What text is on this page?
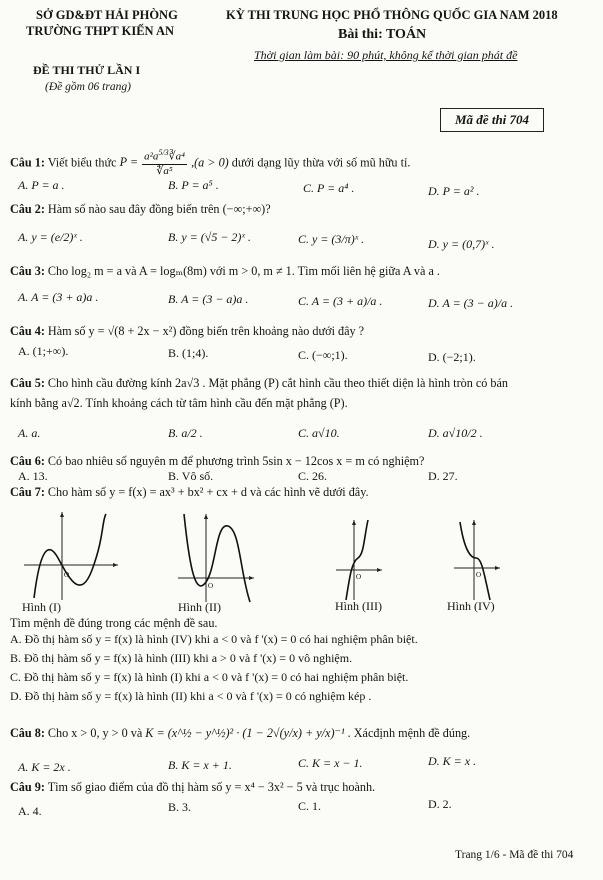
SỞ GD&ĐT HẢI PHÒNG
TRƯỜNG THPT KIẾN AN
ĐỀ THI THỬ LẦN I
(Đề gồm 06 trang)
KỲ THI TRUNG HỌC PHỔ THÔNG QUỐC GIA NAM 2018
Bài thi: TOÁN
Thời gian làm bài: 90 phút, không kể thời gian phát đề
Mã đề thi 704
Câu 1: Viết biểu thức $P = \frac{a^2a^{5/3}∛a^4}{\text{∜a⁵}} ,(a > 0)$ dưới dạng lũy thừa với số mũ hữu tỉ.
A. P = a .	B. P = a⁵ .	C. P = a⁴ .	D. P = a² .
Câu 2: Hàm số nào sau đây đồng biến trên (−∞;+∞)?
A. y = (e/2)ˣ .	B. y = (√5 − 2)ˣ .	C. y = (3/π)ˣ .	D. y = (0,7)ˣ .
Câu 3: Cho log₂ m = a và A = logₘ(8m) với m > 0, m ≠ 1. Tìm mối liên hệ giữa A và a .
A. A = (3 + a)a .	B. A = (3 − a)a .	C. A = (3 + a)/a .	D. A = (3 − a)/a .
Câu 4: Hàm số y = √(8 + 2x − x²) đồng biến trên khoảng nào dưới đây ?
A. (1;+∞).	B. (1;4).	C. (−∞;1).	D. (−2;1).
Câu 5: Cho hình cầu đường kính 2a√3 . Mặt phẳng (P) cắt hình cầu theo thiết diện là hình tròn có bán
kính bằng a√2. Tính khoảng cách từ tâm hình cầu đến mặt phẳng (P).
A. a.	B. a/2 .	C. a√10.	D. a√10/2 .
Câu 6: Có bao nhiêu số nguyên m để phương trình 5sin x − 12cos x = m có nghiệm?
A. 13.	B. Vô số.	C. 26.	D. 27.
Câu 7: Cho hàm số y = f(x) = ax³ + bx² + cx + d và các hình vẽ dưới đây.
O
O
O	O
Hình (I)	Hình (II)	Hình (III)	Hình (IV)
Tìm mệnh đề đúng trong các mệnh đề sau.
A. Đồ thị hàm số y = f(x) là hình (IV) khi a < 0 và f '(x) = 0 có hai nghiệm phân biệt.
B. Đồ thị hàm số y = f(x) là hình (III) khi a > 0 và f '(x) = 0 vô nghiệm.
C. Đồ thị hàm số y = f(x) là hình (I) khi a < 0 và f '(x) = 0 có hai nghiệm phân biệt.
D. Đồ thị hàm số y = f(x) là hình (II) khi a < 0 và f '(x) = 0 có nghiệm kép .
Câu 8: Cho x > 0, y > 0 và K = (x^½ − y^½)² · (1 − 2√(y/x) + y/x)⁻¹ . Xácđịnh mệnh đề đúng.
A. K = 2x .	B. K = x + 1.	C. K = x − 1.	D. K = x .
Câu 9: Tìm số giao điểm của đồ thị hàm số y = x⁴ − 3x² − 5 và trục hoành.
A. 4.	B. 3.	C. 1.	D. 2.
Trang 1/6 - Mã đề thi 704
